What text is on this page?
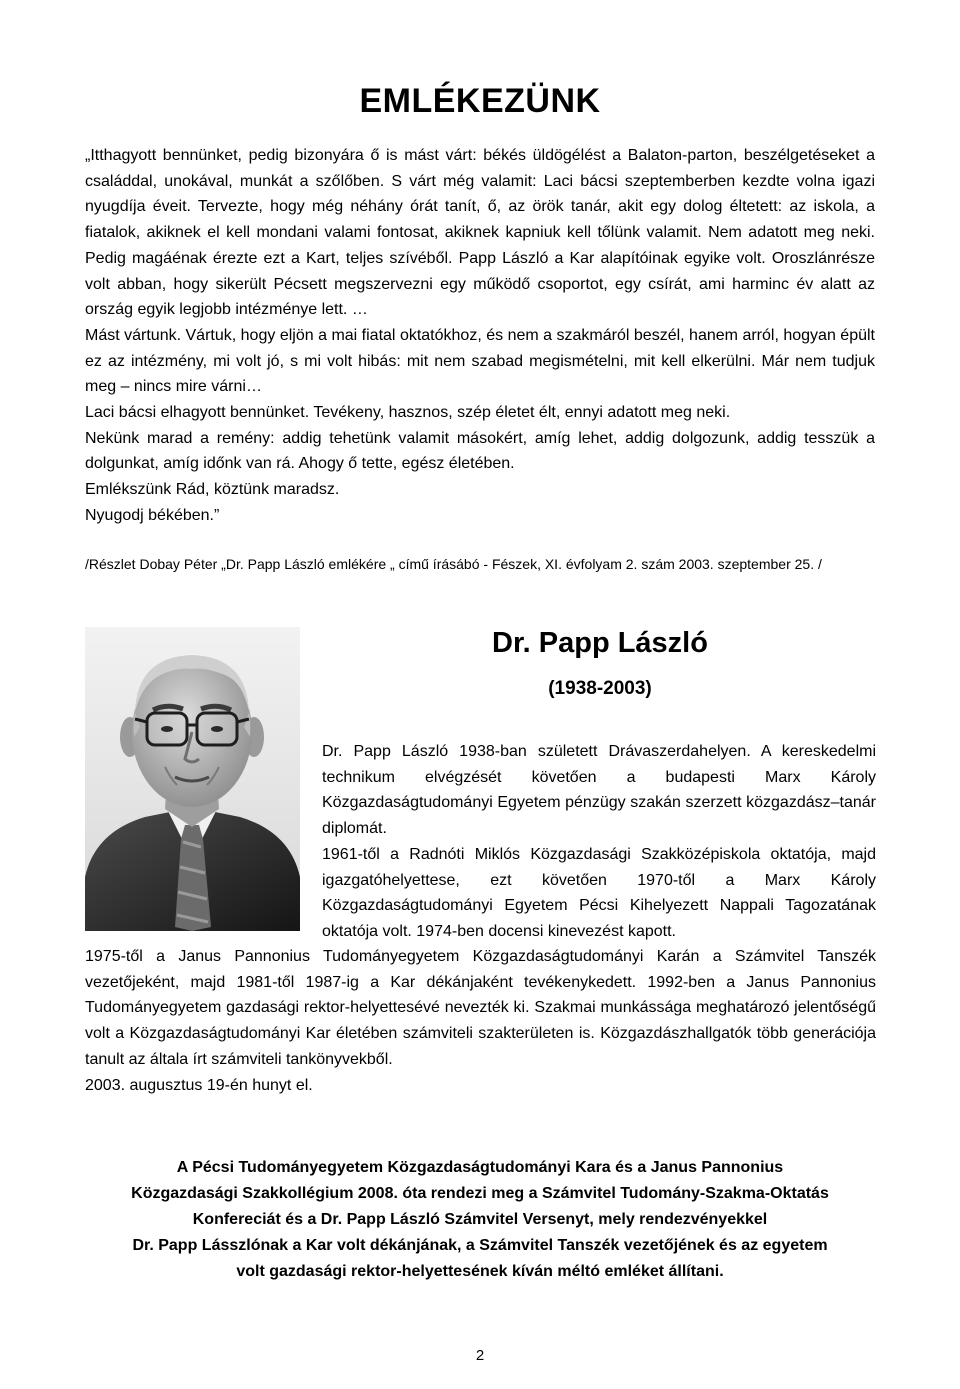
EMLÉKEZÜNK

„Itthagyott bennünket, pedig bizonyára ő is mást várt: békés üldögélést a Balaton-parton, beszélgetéseket a családdal, unokával, munkát a szőlőben. S várt még valamit: Laci bácsi szeptemberben kezdte volna igazi nyugdíja éveit. Tervezte, hogy még néhány órát tanít, ő, az örök tanár, akit egy dolog éltetett: az iskola, a fiatalok, akiknek el kell mondani valami fontosat, akiknek kapniuk kell tőlünk valamit. Nem adatott meg neki. Pedig magáénak érezte ezt a Kart, teljes szívéből. Papp László a Kar alapítóinak egyike volt. Oroszlánrésze volt abban, hogy sikerült Pécsett megszervezni egy működő csoportot, egy csírát, ami harminc év alatt az ország egyik legjobb intézménye lett. …

Mást vártunk. Vártuk, hogy eljön a mai fiatal oktatókhoz, és nem a szakmáról beszél, hanem arról, hogyan épült ez az intézmény, mi volt jó, s mi volt hibás: mit nem szabad megismételni, mit kell elkerülni. Már nem tudjuk meg – nincs mire várni…

Laci bácsi elhagyott bennünket. Tevékeny, hasznos, szép életet élt, ennyi adatott meg neki.

Nekünk marad a remény: addig tehetünk valamit másokért, amíg lehet, addig dolgozunk, addig tesszük a dolgunkat, amíg időnk van rá. Ahogy ő tette, egész életében.

Emlékszünk Rád, köztünk maradsz.

Nyugodj békében.”

/Részlet Dobay Péter „Dr. Papp László emlékére „ című írásábó - Fészek, XI. évfolyam 2. szám 2003. szeptember 25. /
Dr. Papp László
(1938-2003)

Dr. Papp László 1938-ban született Drávaszerdahelyen. A kereskedelmi technikum elvégzését követően a budapesti Marx Károly Közgazdaságtudományi Egyetem pénzügy szakán szerzett közgazdász–tanár diplomát.

1961-től a Radnóti Miklós Közgazdasági Szakközépiskola oktatója, majd igazgatóhelyettese, ezt követően 1970-től a Marx Károly Közgazdaságtudományi Egyetem Pécsi Kihelyezett Nappali Tagozatának oktatója volt. 1974-ben docensi kinevezést kapott.

1975-től a Janus Pannonius Tudományegyetem Közgazdaságtudományi Karán a Számvitel Tanszék vezetőjeként, majd 1981-től 1987-ig a Kar dékánjaként tevékenykedett. 1992-ben a Janus Pannonius Tudományegyetem gazdasági rektor-helyettesévé nevezték ki. Szakmai munkássága meghatározó jelentőségű volt a Közgazdaságtudományi Kar életében számviteli szakterületen is. Közgazdászhallgatók több generációja tanult az általa írt számviteli tankönyvekből.

2003. augusztus 19-én hunyt el.

A Pécsi Tudományegyetem Közgazdaságtudományi Kara és a Janus Pannonius
Közgazdasági Szakkollégium 2008. óta rendezi meg a Számvitel Tudomány-Szakma-Oktatás
Konfereciát és a Dr. Papp László Számvitel Versenyt, mely rendezvényekkel
Dr. Papp Lásszlónak a Kar volt dékánjának, a Számvitel Tanszék vezetőjének és az egyetem
volt gazdasági rektor-helyettesének kíván méltó emléket állítani.
2
